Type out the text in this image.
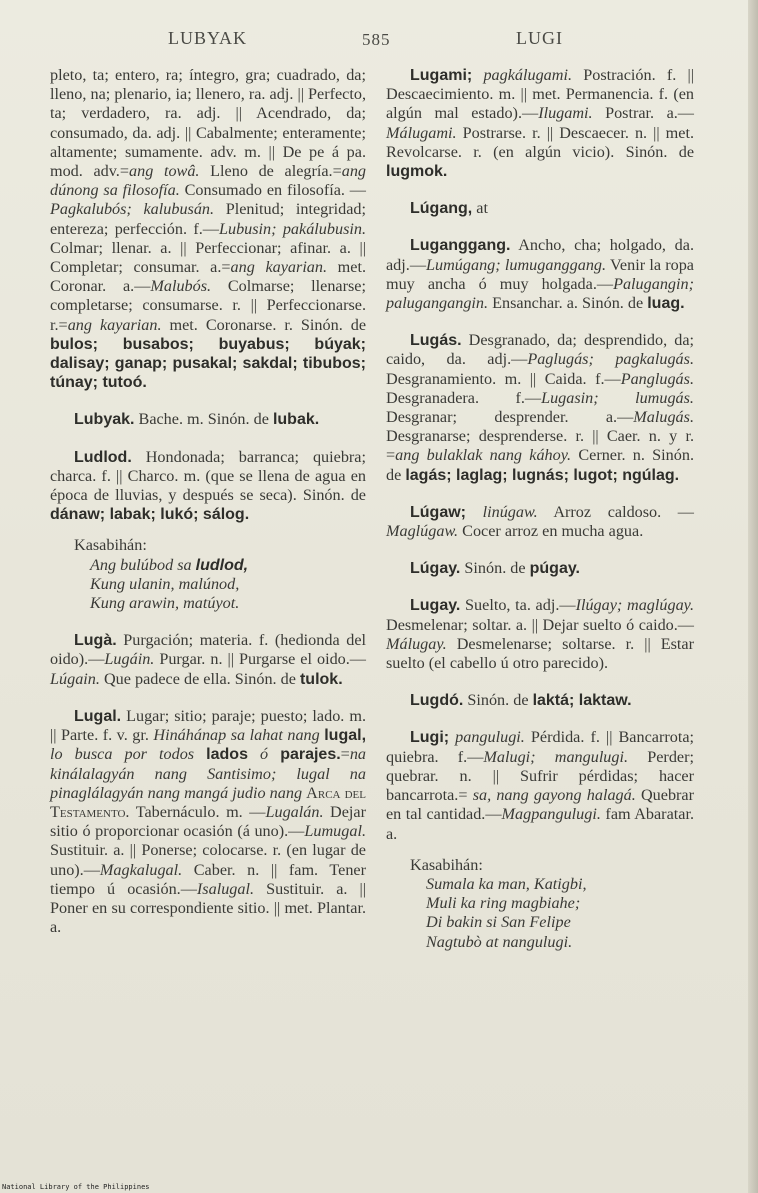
LUBYAK	585	LUGI

pleto, ta; entero, ra; íntegro, gra; cuadrado, da; lleno, na; plenario, ia; llenero, ra. adj. || Perfecto, ta; verdadero, ra. adj. || Acendrado, da; consumado, da. adj. || Cabalmente; enteramente; altamente; sumamente. adv. m. || De pe á pa. mod. adv.=ang towâ. Lleno de alegría.=ang dúnong sa filosofía. Consumado en filosofía. —Pagkalubós; kalubusán. Plenitud; integridad; entereza; perfección. f.—Lubusin; pakálubusin. Colmar; llenar. a. || Perfeccionar; afinar. a. || Completar; consumar. a.=ang kayarian. met. Coronar. a.—Malubós. Colmarse; llenarse; completarse; consumarse. r. || Perfeccionarse. r.=ang kayarian. met. Coronarse. r. Sinón. de bulos; busabos; buyabus; búyak; dalisay; ganap; pusakal; sakdal; tibubos; túnay; tutoó.

Lubyak. Bache. m. Sinón. de lubak.

Ludlod. Hondonada; barranca; quiebra; charca. f. || Charco. m. (que se llena de agua en época de lluvias, y después se seca). Sinón. de dánaw; labak; lukó; sálog.

Kasabihán:
Ang bulúbod sa ludlod,
Kung ulanin, malúnod,
Kung arawin, matúyot.

Lugà. Purgación; materia. f. (hedionda del oido).—Lugáin. Purgar. n. || Purgarse el oido.—Lúgain. Que padece de ella. Sinón. de tulok.

Lugal. Lugar; sitio; paraje; puesto; lado. m. || Parte. f. v. gr. Hináhánap sa lahat nang lugal, lo busca por todos lados ó parajes.=na kinálalagyán nang Santisimo; lugal na pinaglálagyán nang mangá judio nang Arca del Testamento. Tabernáculo. m. —Lugalán. Dejar sitio ó proporcionar ocasión (á uno).—Lumugal. Sustituir. a. || Ponerse; colocarse. r. (en lugar de uno).—Magkalugal. Caber. n. || fam. Tener tiempo ú ocasión.—Isalugal. Sustituir. a. || Poner en su correspondiente sitio. || met. Plantar. a.

Lugami; pagkálugami. Postración. f. || Descaecimiento. m. || met. Permanencia. f. (en algún mal estado).—Ilugami. Postrar. a.—Málugami. Postrarse. r. || Descaecer. n. || met. Revolcarse. r. (en algún vicio). Sinón. de lugmok.

Lúgang, at

Luganggang. Ancho, cha; holgado, da. adj.—Lumúgang; lumuganggang. Venir la ropa muy ancha ó muy holgada.—Palugangin; palugangangin. Ensanchar. a. Sinón. de luag.

Lugás. Desgranado, da; desprendido, da; caido, da. adj.—Paglugás; pagkalugás. Desgranamiento. m. || Caida. f.—Panglugás. Desgranadera. f.—Lugasin; lumugás. Desgranar; desprender. a.—Malugás. Desgranarse; desprenderse. r. || Caer. n. y r. =ang bulaklak nang káhoy. Cerner. n. Sinón. de lagás; laglag; lugnás; lugot; ngúlag.

Lúgaw; linúgaw. Arroz caldoso. —Maglúgaw. Cocer arroz en mucha agua.

Lúgay. Sinón. de púgay.

Lugay. Suelto, ta. adj.—Ilúgay; maglúgay. Desmelenar; soltar. a. || Dejar suelto ó caido.—Málugay. Desmelenarse; soltarse. r. || Estar suelto (el cabello ú otro parecido).

Lugdó. Sinón. de laktá; laktaw.

Lugi; pangulugi. Pérdida. f. || Bancarrota; quiebra. f.—Malugi; mangulugi. Perder; quebrar. n. || Sufrir pérdidas; hacer bancarrota.= sa, nang gayong halagá. Quebrar en tal cantidad.—Magpangulugi. fam Abaratar. a.

Kasabihán:
Sumala ka man, Katigbi,
Muli ka ring magbiahe;
Di bakin si San Felipe
Nagtubò at nangulugi.
National Library of the Philippines
